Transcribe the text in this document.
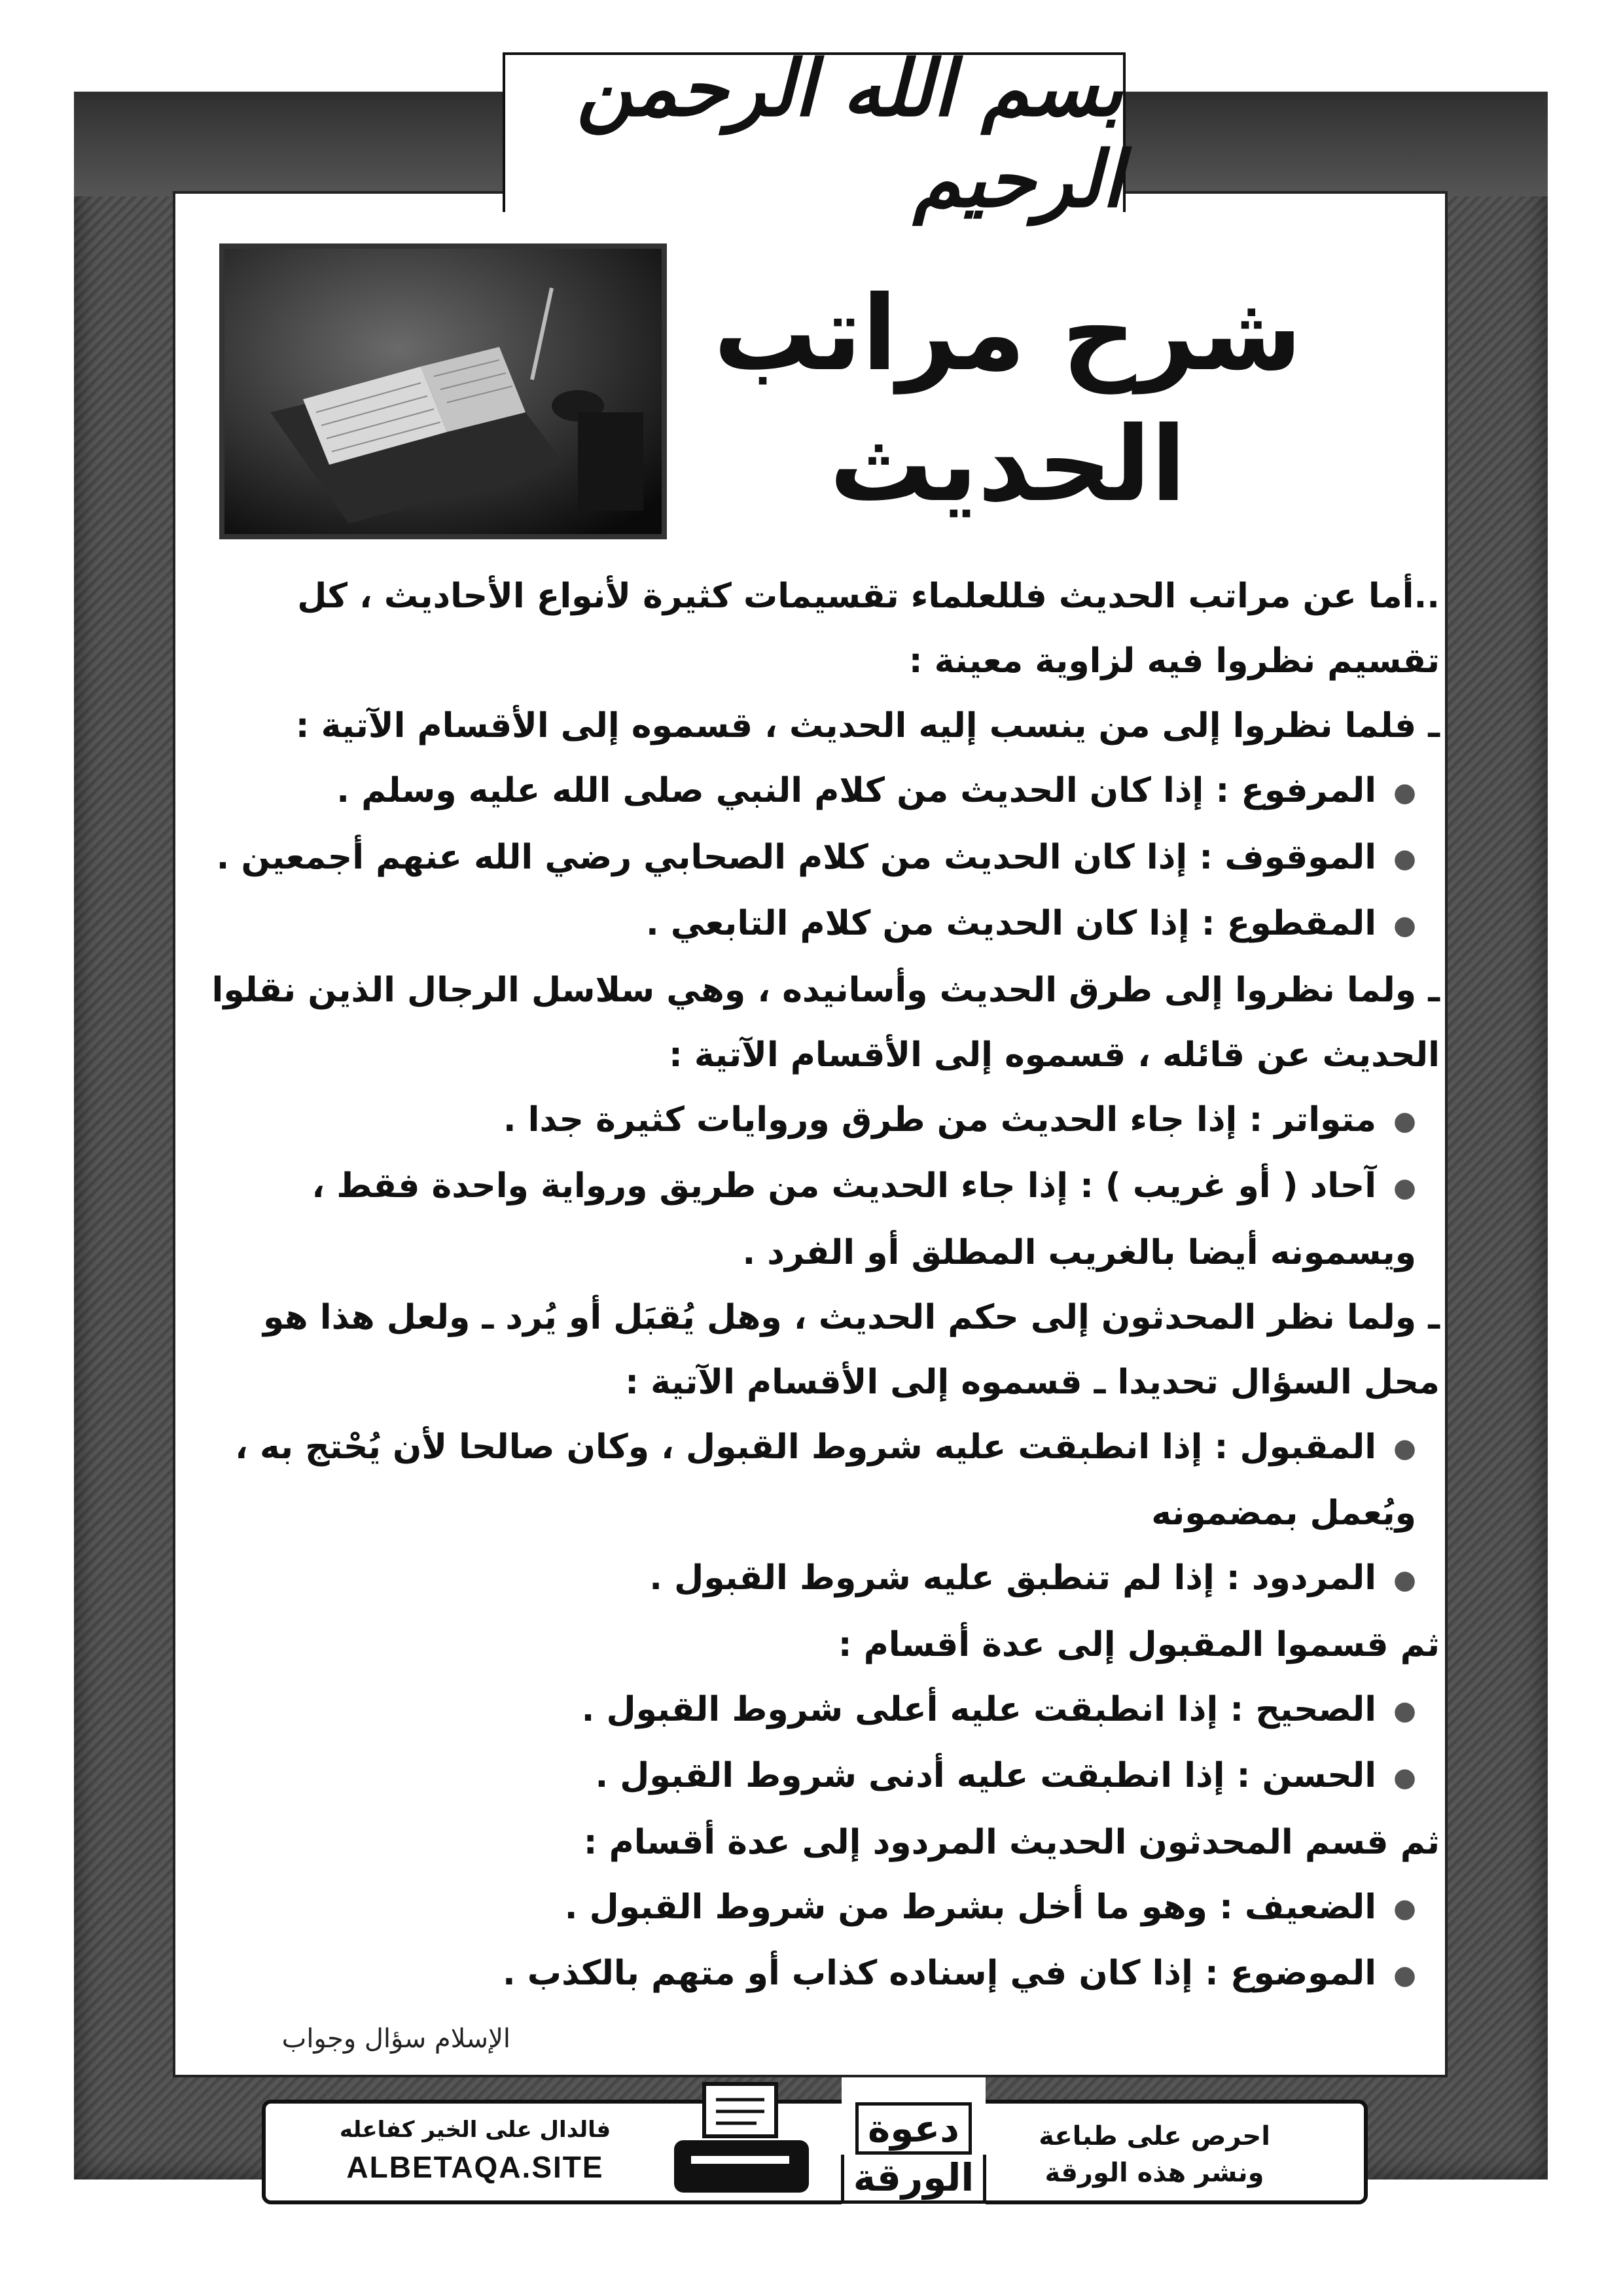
بسم الله الرحمن الرحيم
شرح مراتب
الحديث

..أما عن مراتب الحديث فللعلماء تقسيمات كثيرة لأنواع الأحاديث ، كل تقسيم نظروا فيه لزاوية معينة :

ـ فلما نظروا إلى من ينسب إليه الحديث ، قسموه إلى الأقسام الآتية :

● المرفوع : إذا كان الحديث من كلام النبي صلى الله عليه وسلم .

● الموقوف : إذا كان الحديث من كلام الصحابي رضي الله عنهم أجمعين .

● المقطوع : إذا كان الحديث من كلام التابعي .

ـ ولما نظروا إلى طرق الحديث وأسانيده ، وهي سلاسل الرجال الذين نقلوا الحديث عن قائله ، قسموه إلى الأقسام الآتية :

● متواتر : إذا جاء الحديث من طرق وروايات كثيرة جدا .

● آحاد ( أو غريب ) : إذا جاء الحديث من طريق ورواية واحدة فقط ، ويسمونه أيضا بالغريب المطلق أو الفرد .

ـ ولما نظر المحدثون إلى حكم الحديث ، وهل يُقبَل أو يُرد ـ ولعل هذا هو محل السؤال تحديدا ـ قسموه إلى الأقسام الآتية :

● المقبول : إذا انطبقت عليه شروط القبول ، وكان صالحا لأن يُحْتج به ، ويُعمل بمضمونه

● المردود : إذا لم تنطبق عليه شروط القبول .

ثم قسموا المقبول إلى عدة أقسام :

● الصحيح : إذا انطبقت عليه أعلى شروط القبول .

● الحسن : إذا انطبقت عليه أدنى شروط القبول .

ثم قسم المحدثون الحديث المردود إلى عدة أقسام :

● الضعيف : وهو ما أخل بشرط من شروط القبول .

● الموضوع : إذا كان في إسناده كذاب أو متهم بالكذب .

الإسلام سؤال وجواب
فالدال على الخير كفاعله
ALBETAQA.SITE
دعوة
الورقة
احرص على طباعة
ونشر هذه الورقة
